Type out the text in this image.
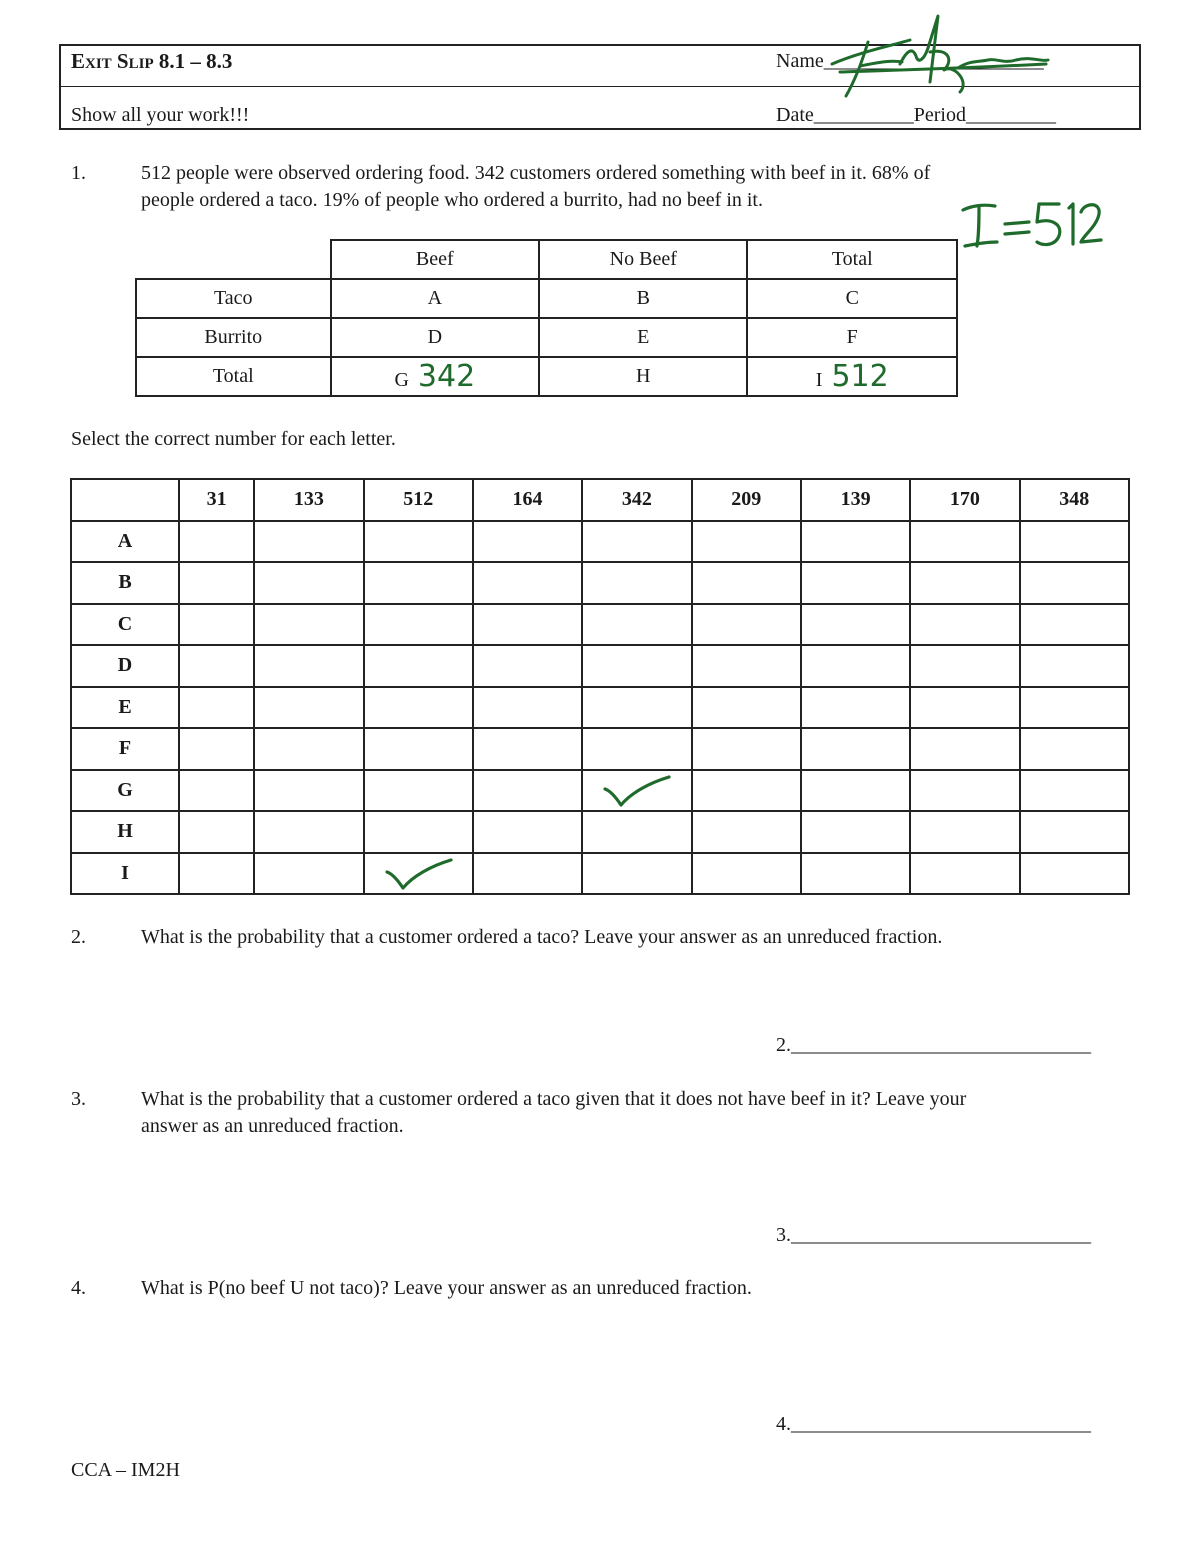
Exit Slip 8.1 – 8.3
Show all your work!!!
Name______________________
Date__________Period_________
1.	512 people were observed ordering food. 342 customers ordered something with beef in it. 68% of
people ordered a taco. 19% of people who ordered a burrito, had no beef in it.
	Beef	No Beef	Total
Taco	A	B	C
Burrito	D	E	F
Total	G 342	H	I 512
Select the correct number for each letter.
	31	133	512	164	342	209	139	170	348
A									
B									
C									
D									
E									
F									
G					

H									
I			

2.	What is the probability that a customer ordered a taco? Leave your answer as an unreduced fraction.
2.______________________________
3.	What is the probability that a customer ordered a taco given that it does not have beef in it? Leave your
answer as an unreduced fraction.
3.______________________________
4.	What is P(no beef U not taco)? Leave your answer as an unreduced fraction.
4.______________________________
CCA – IM2H
